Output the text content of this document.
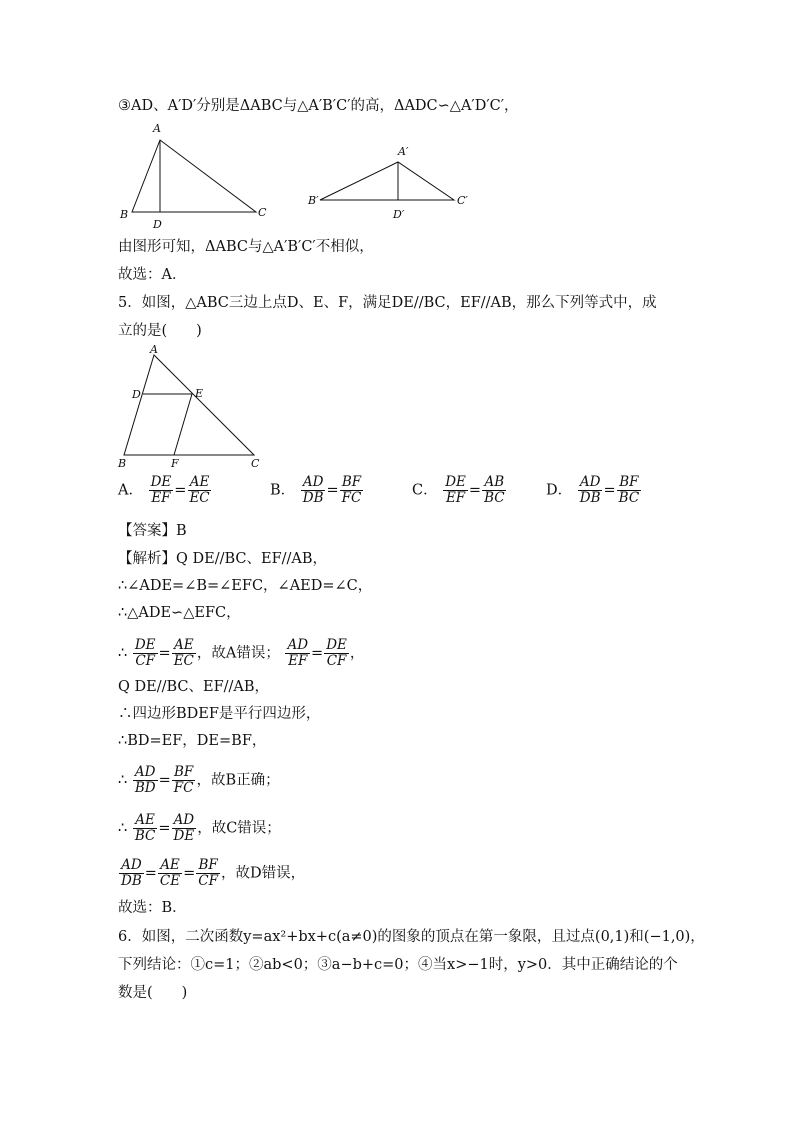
③AD、A′D′分别是ΔABC与△A′B′C′的高，ΔADC∽△A′D′C′，
A
B
D
C
A′
B′
D′
C′
由图形可知，ΔABC与△A′B′C′不相似，
故选：A．
5．如图，△ABC三边上点D、E、F，满足DE//BC，EF//AB，那么下列等式中，成
立的是(　　)
A
D	E
B	F	C
A． $\frac{DE}{EF} = \frac{AE}{EC}$	B． $\frac{AD}{DB} = \frac{BF}{FC}$	C． $\frac{DE}{EF} = \frac{AB}{BC}$	D． $\frac{AD}{DB} = \frac{BF}{BC}$
【答案】B
【解析】Q DE//BC、EF//AB，
∴∠ADE=∠B=∠EFC，∠AED=∠C，
∴△ADE∽△EFC，
∴ $\frac{DE}{CF} = \frac{AE}{EC}$ ，故A错误； $\frac{AD}{EF} = \frac{DE}{CF}$ ，
Q DE//BC、EF//AB，
∴四边形BDEF是平行四边形，
∴BD=EF，DE=BF，
∴ $\frac{AD}{BD} = \frac{BF}{FC}$ ，故B正确；
∴ $\frac{AE}{BC} = \frac{AD}{DE}$ ，故C错误；
$\frac{AD}{DB} = \frac{AE}{CE} = \frac{BF}{CF}$ ，故D错误，
故选：B．
6．如图，二次函数y=ax²+bx+c(a≠0)的图象的顶点在第一象限，且过点(0,1)和(−1,0)，
下列结论：①c=1；②ab<0；③a−b+c=0；④当x>−1时，y>0．其中正确结论的个
数是(　　)
